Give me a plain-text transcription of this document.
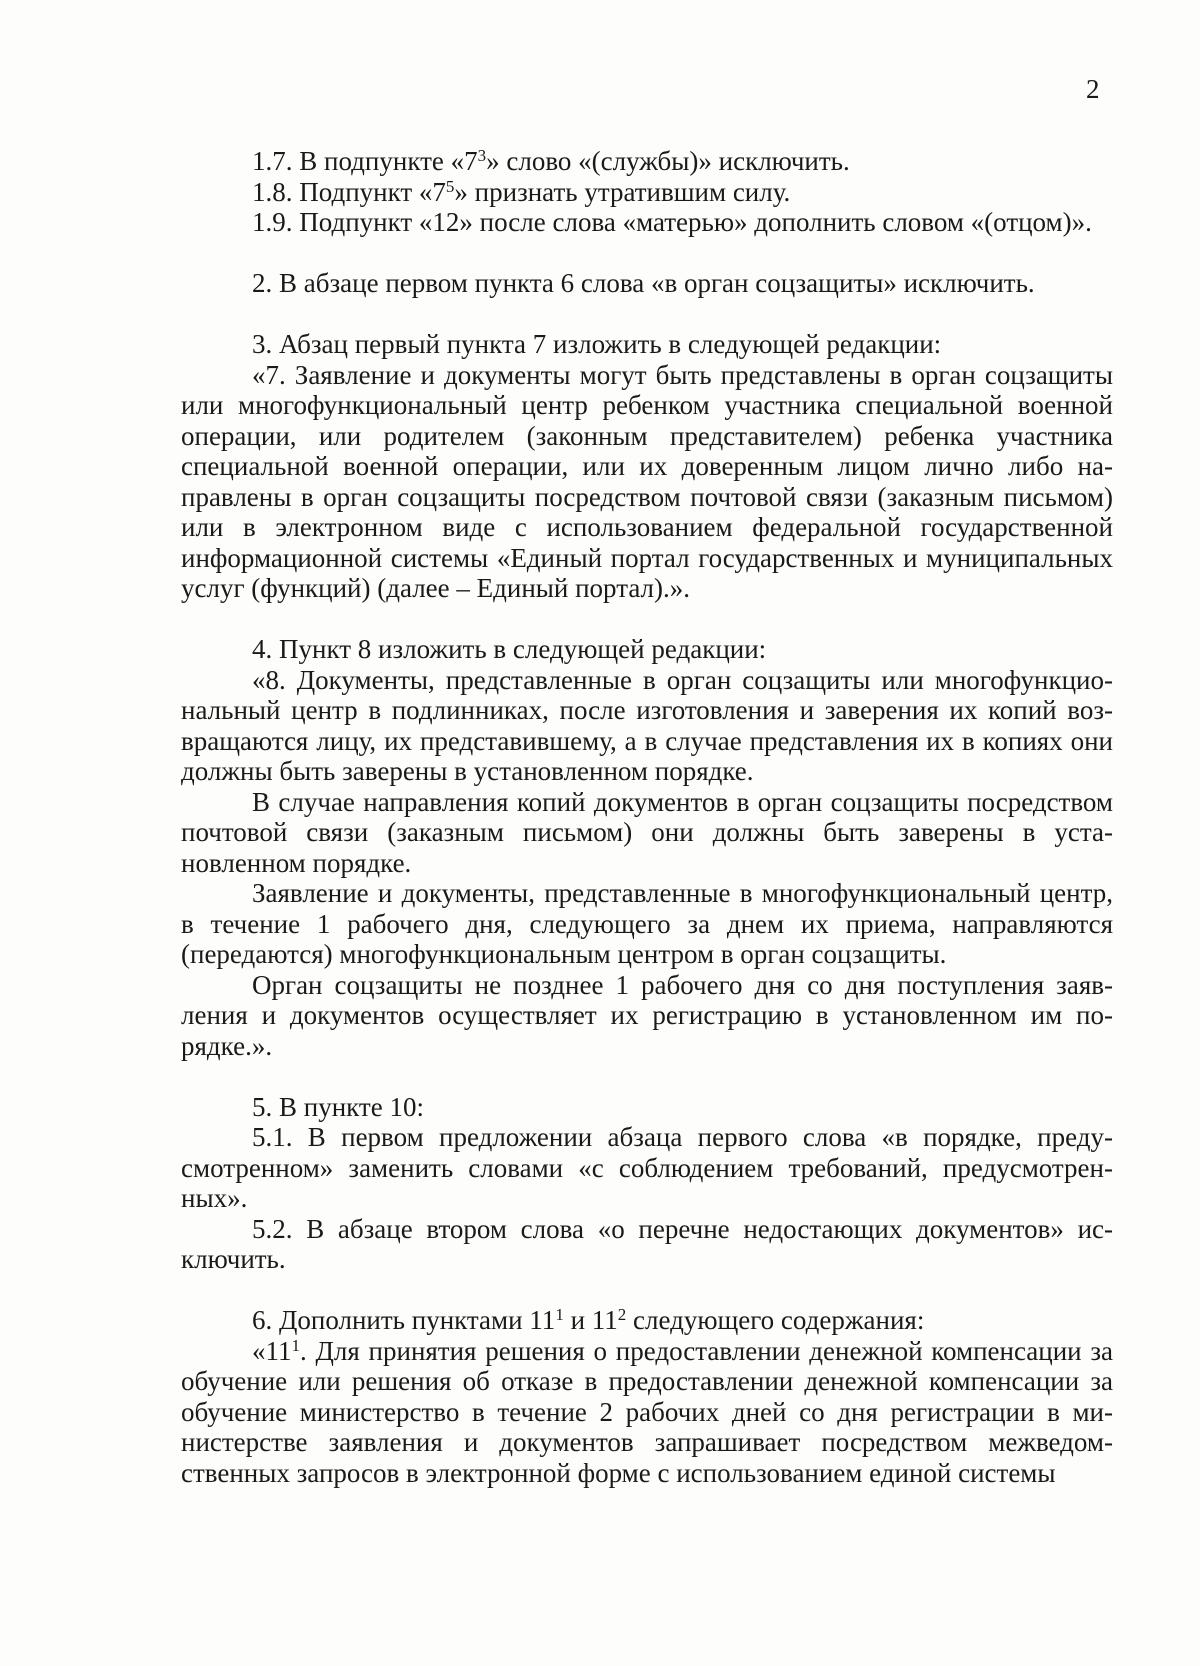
2

1.7. В подпункте «$7^3$» слово «(службы)» исключить.

1.8. Подпункт «$7^5$» признать утратившим силу.

1.9. Подпункт «12» после слова «матерью» дополнить словом «(отцом)».

2. В абзаце первом пункта 6 слова «в орган соцзащиты» исключить.

3. Абзац первый пункта 7 изложить в следующей редакции:

«7. Заявление и документы могут быть представлены в орган соцзащиты или многофункциональный центр ребенком участника специальной военной операции, или родителем (законным представителем) ребенка участника специальной военной операции, или их доверенным лицом лично либо направлены в орган соцзащиты посредством почтовой связи (заказным письмом) или в электронном виде с использованием федеральной государственной информационной системы «Единый портал государственных и муниципальных услуг (функций) (далее – Единый портал).».

4. Пункт 8 изложить в следующей редакции:

«8. Документы, представленные в орган соцзащиты или многофункциональный центр в подлинниках, после изготовления и заверения их копий возвращаются лицу, их представившему, а в случае представления их в копиях они должны быть заверены в установленном порядке.

В случае направления копий документов в орган соцзащиты посредством почтовой связи (заказным письмом) они должны быть заверены в установленном порядке.

Заявление и документы, представленные в многофункциональный центр, в течение 1 рабочего дня, следующего за днем их приема, направляются (передаются) многофункциональным центром в орган соцзащиты.

Орган соцзащиты не позднее 1 рабочего дня со дня поступления заявления и документов осуществляет их регистрацию в установленном им порядке.».

5. В пункте 10:

5.1. В первом предложении абзаца первого слова «в порядке, предусмотренном» заменить словами «с соблюдением требований, предусмотренных».

5.2. В абзаце втором слова «о перечне недостающих документов» исключить.

6. Дополнить пунктами $11^1$ и $11^2$ следующего содержания:

«$11^1$. Для принятия решения о предоставлении денежной компенсации за обучение или решения об отказе в предоставлении денежной компенсации за обучение министерство в течение 2 рабочих дней со дня регистрации в министерстве заявления и документов запрашивает посредством межведомственных запросов в электронной форме с использованием единой системы
